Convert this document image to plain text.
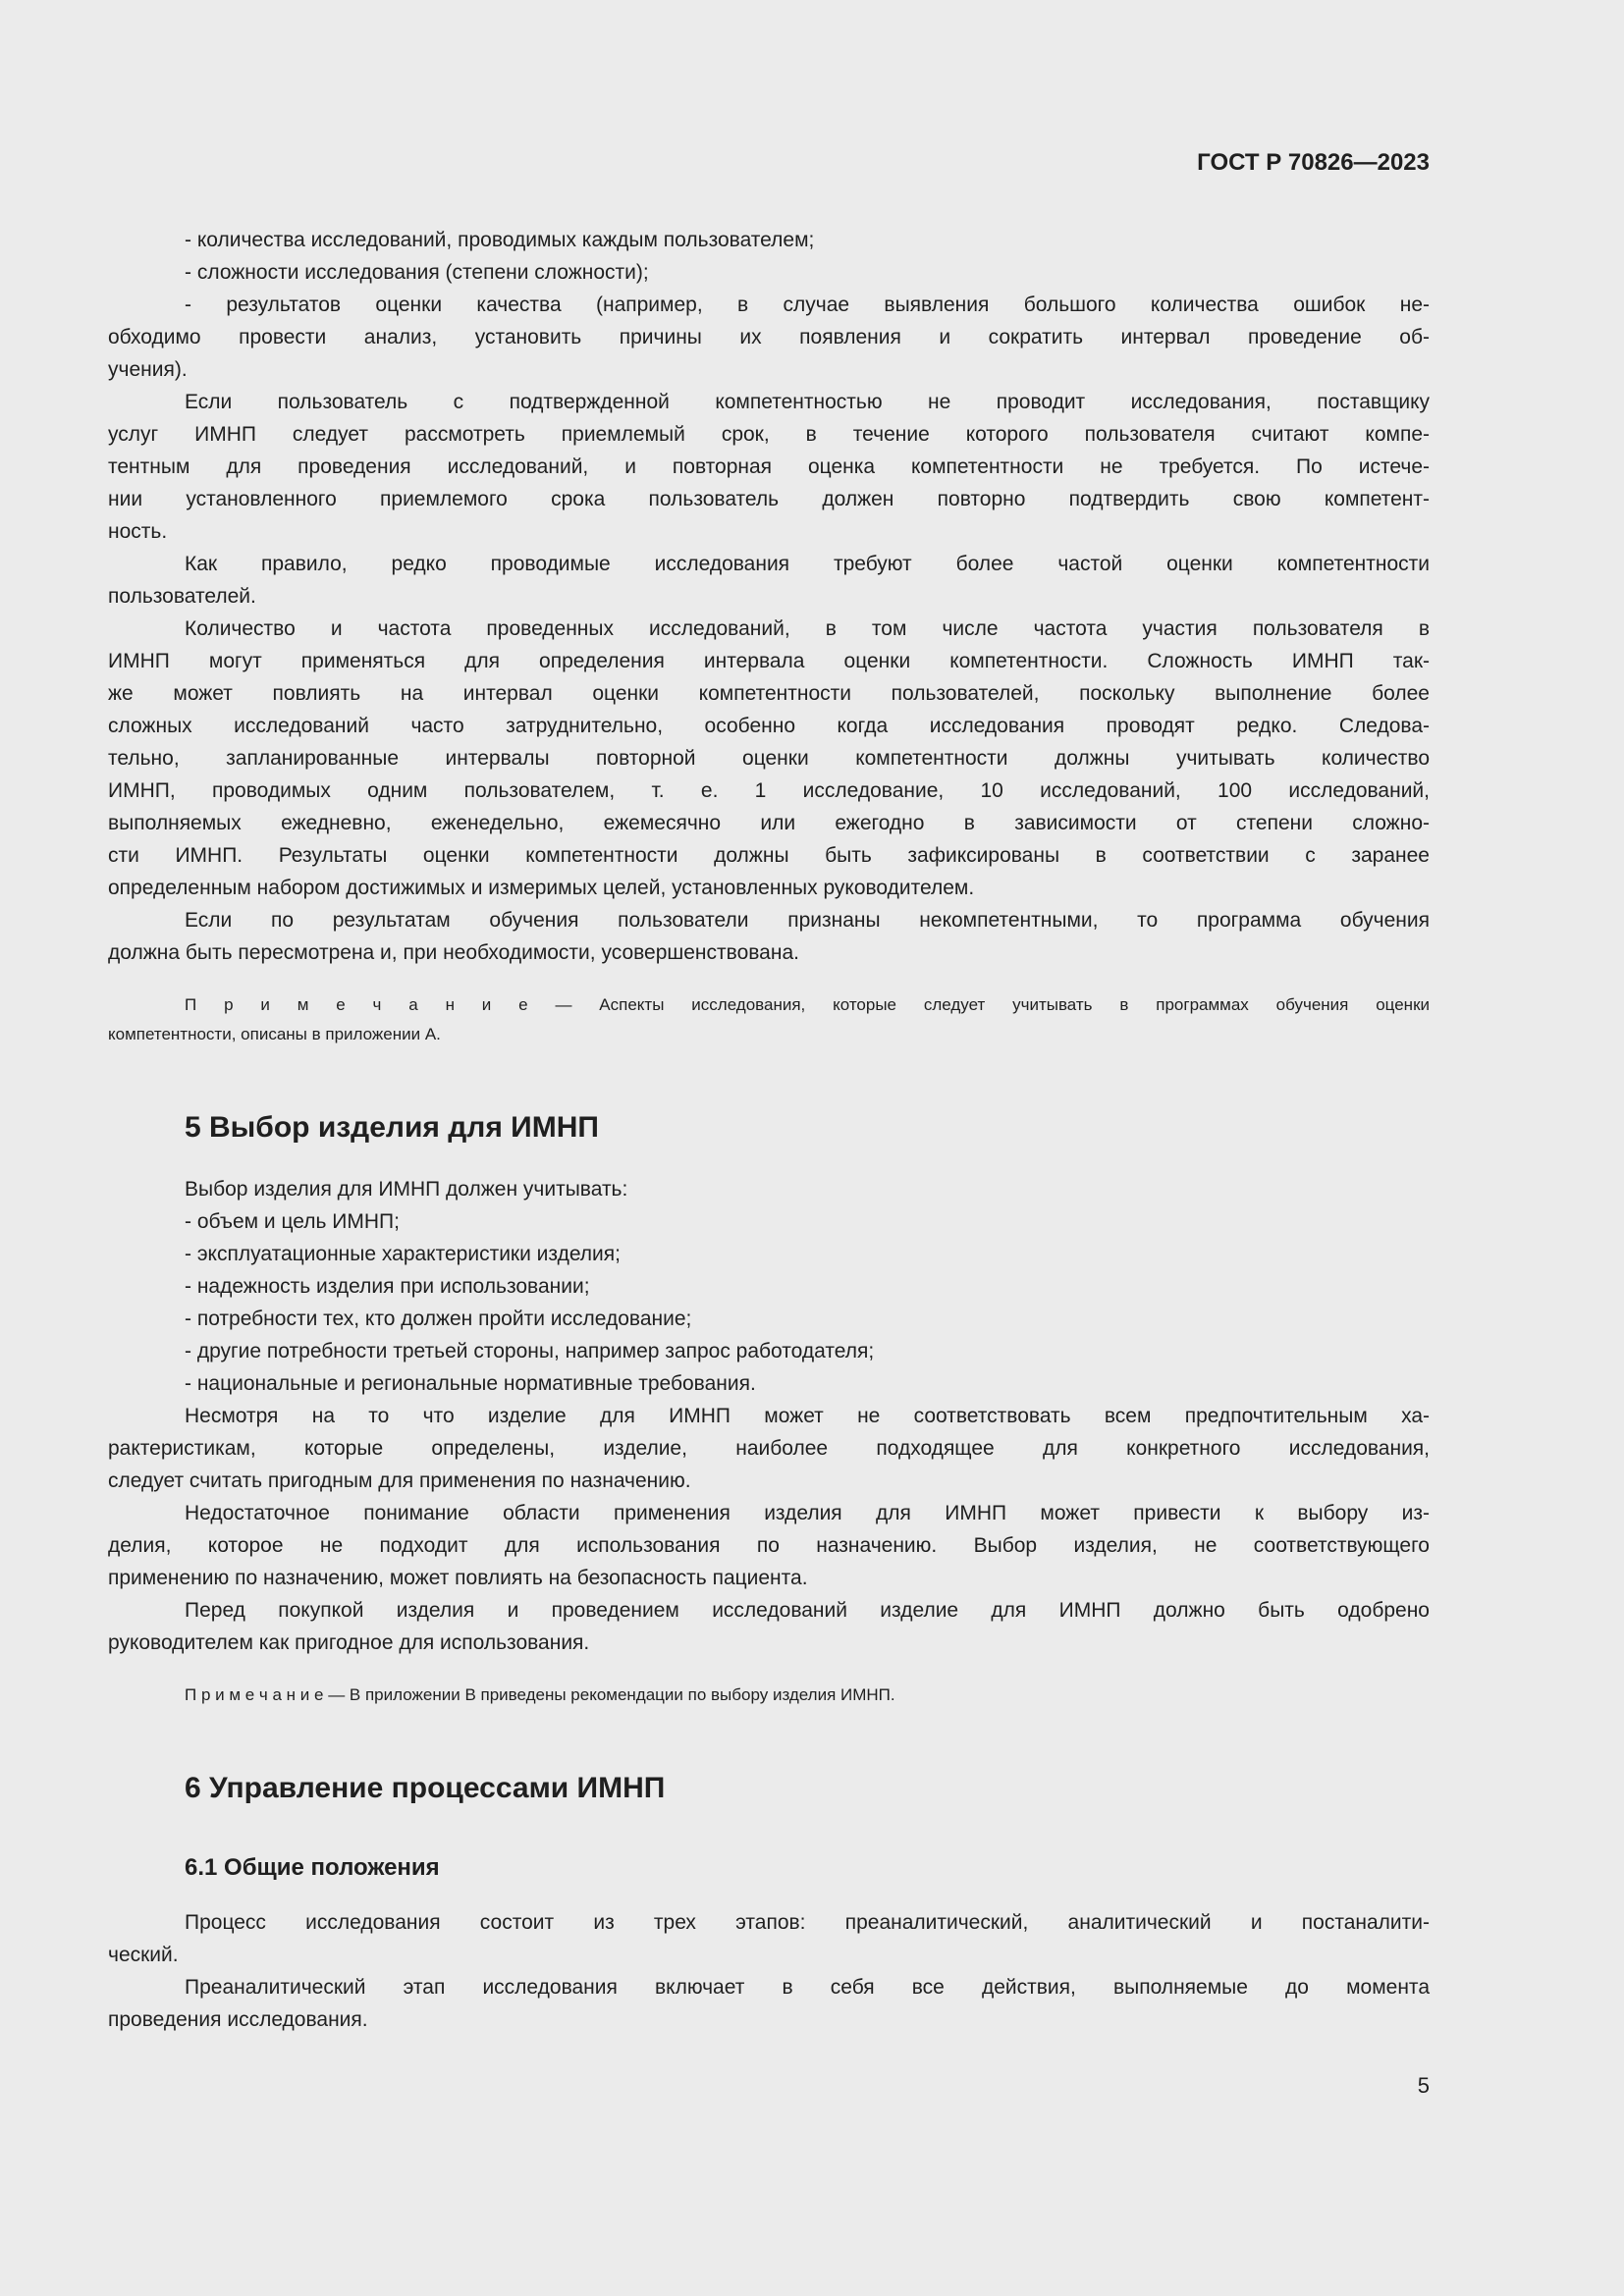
ГОСТ Р 70826—2023
- количества исследований, проводимых каждым пользователем;
- сложности исследования (степени сложности);
- результатов оценки качества (например, в случае выявления большого количества ошибок не-
обходимо провести анализ, установить причины их появления и сократить интервал проведение об-
учения).
Если пользователь с подтвержденной компетентностью не проводит исследования, поставщику
услуг ИМНП следует рассмотреть приемлемый срок, в течение которого пользователя считают компе-
тентным для проведения исследований, и повторная оценка компетентности не требуется. По истече-
нии установленного приемлемого срока пользователь должен повторно подтвердить свою компетент-
ность.
Как правило, редко проводимые исследования требуют более частой оценки компетентности
пользователей.
Количество и частота проведенных исследований, в том числе частота участия пользователя в
ИМНП могут применяться для определения интервала оценки компетентности. Сложность ИМНП так-
же может повлиять на интервал оценки компетентности пользователей, поскольку выполнение более
сложных исследований часто затруднительно, особенно когда исследования проводят редко. Следова-
тельно, запланированные интервалы повторной оценки компетентности должны учитывать количество
ИМНП, проводимых одним пользователем, т. е. 1 исследование, 10 исследований, 100 исследований,
выполняемых ежедневно, еженедельно, ежемесячно или ежегодно в зависимости от степени сложно-
сти ИМНП. Результаты оценки компетентности должны быть зафиксированы в соответствии с заранее
определенным набором достижимых и измеримых целей, установленных руководителем.
Если по результатам обучения пользователи признаны некомпетентными, то программа обучения
должна быть пересмотрена и, при необходимости, усовершенствована.
П р и м е ч а н и е — Аспекты исследования, которые следует учитывать в программах обучения оценки
компетентности, описаны в приложении А.
5 Выбор изделия для ИМНП
Выбор изделия для ИМНП должен учитывать:
- объем и цель ИМНП;
- эксплуатационные характеристики изделия;
- надежность изделия при использовании;
- потребности тех, кто должен пройти исследование;
- другие потребности третьей стороны, например запрос работодателя;
- национальные и региональные нормативные требования.
Несмотря на то что изделие для ИМНП может не соответствовать всем предпочтительным ха-
рактеристикам, которые определены, изделие, наиболее подходящее для конкретного исследования,
следует считать пригодным для применения по назначению.
Недостаточное понимание области применения изделия для ИМНП может привести к выбору из-
делия, которое не подходит для использования по назначению. Выбор изделия, не соответствующего
применению по назначению, может повлиять на безопасность пациента.
Перед покупкой изделия и проведением исследований изделие для ИМНП должно быть одобрено
руководителем как пригодное для использования.
П р и м е ч а н и е — В приложении В приведены рекомендации по выбору изделия ИМНП.
6 Управление процессами ИМНП
6.1 Общие положения
Процесс исследования состоит из трех этапов: преаналитический, аналитический и постаналити-
ческий.
Преаналитический этап исследования включает в себя все действия, выполняемые до момента
проведения исследования.
5
